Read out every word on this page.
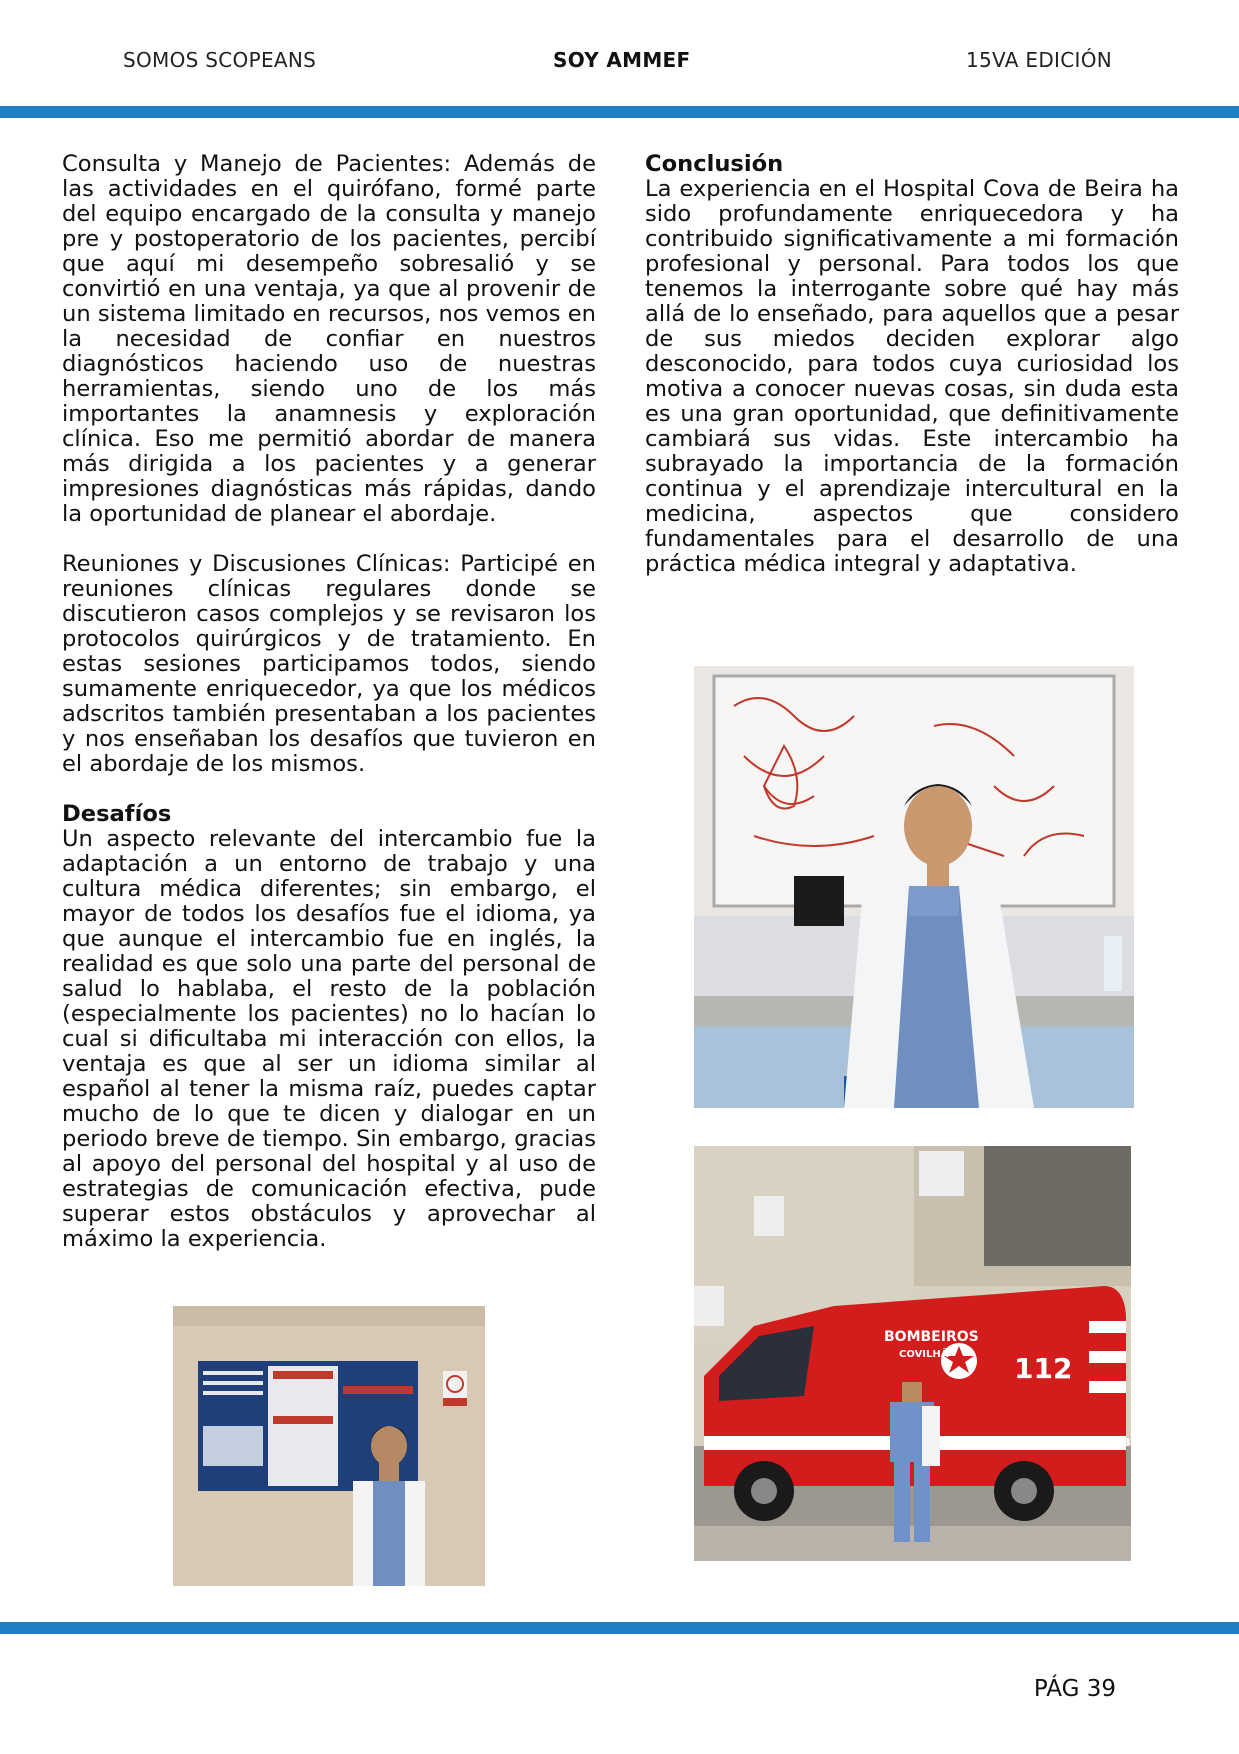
SOMOS SCOPEANS	SOY AMMEF	15VA EDICIÓN

Consulta y Manejo de Pacientes: Además de las actividades en el quirófano, formé parte del equipo encargado de la consulta y manejo pre y postoperatorio de los pacientes, percibí que aquí mi desempeño sobresalió y se convirtió en una ventaja, ya que al provenir de un sistema limitado en recursos, nos vemos en la necesidad de confiar en nuestros diagnósticos haciendo uso de nuestras herramientas, siendo uno de los más importantes la anamnesis y exploración clínica. Eso me permitió abordar de manera más dirigida a los pacientes y a generar impresiones diagnósticas más rápidas, dando la oportunidad de planear el abordaje.

Reuniones y Discusiones Clínicas: Participé en reuniones clínicas regulares donde se discutieron casos complejos y se revisaron los protocolos quirúrgicos y de tratamiento. En estas sesiones participamos todos, siendo sumamente enriquecedor, ya que los médicos adscritos también presentaban a los pacientes y nos enseñaban los desafíos que tuvieron en el abordaje de los mismos.

Desafíos

Un aspecto relevante del intercambio fue la adaptación a un entorno de trabajo y una cultura médica diferentes; sin embargo, el mayor de todos los desafíos fue el idioma, ya que aunque el intercambio fue en inglés, la realidad es que solo una parte del personal de salud lo hablaba, el resto de la población (especialmente los pacientes) no lo hacían lo cual si dificultaba mi interacción con ellos, la ventaja es que al ser un idioma similar al español al tener la misma raíz, puedes captar mucho de lo que te dicen y dialogar en un periodo breve de tiempo. Sin embargo, gracias al apoyo del personal del hospital y al uso de estrategias de comunicación efectiva, pude superar estos obstáculos y aprovechar al máximo la experiencia.

Conclusión

La experiencia en el Hospital Cova de Beira ha sido profundamente enriquecedora y ha contribuido significativamente a mi formación profesional y personal. Para todos los que tenemos la interrogante sobre qué hay más allá de lo enseñado, para aquellos que a pesar de sus miedos deciden explorar algo desconocido, para todos cuya curiosidad los motiva a conocer nuevas cosas, sin duda esta es una gran oportunidad, que definitivamente cambiará sus vidas. Este intercambio ha subrayado la importancia de la formación continua y el aprendizaje intercultural en la medicina, aspectos que considero fundamentales para el desarrollo de una práctica médica integral y adaptativa.

BOMBEIROS
COVILHÃ 112
0501 ABSC 09
PÁG 39
